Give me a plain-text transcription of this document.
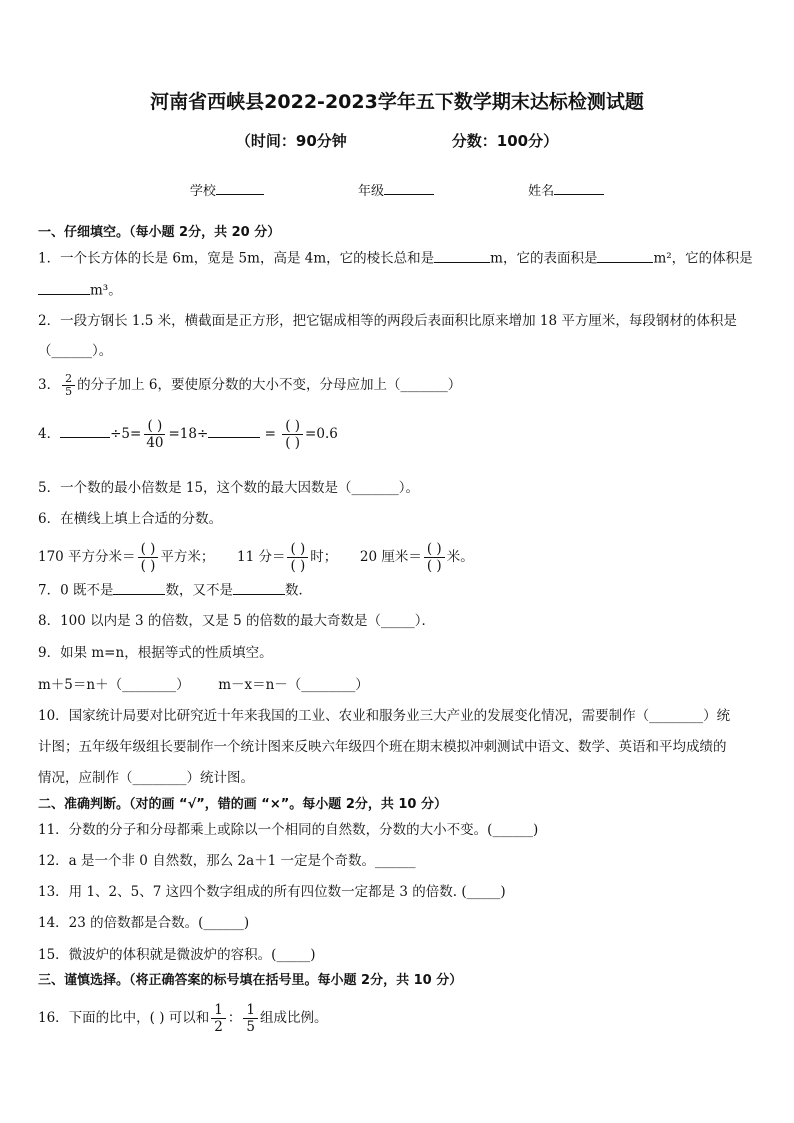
河南省西峡县2022-2023学年五下数学期末达标检测试题
（时间：90分钟	分数：100分）
学校	年级	姓名
一、仔细填空。（每小题 2分，共 20 分）
1．一个长方体的长是 6m，宽是 5m，高是 4m，它的棱长总和是	m，它的表面积是	m²，它的体积是
m³。
2．一段方钢长 1.5 米，横截面是正方形，把它锯成相等的两段后表面积比原来增加 18 平方厘米，每段钢材的体积是
（______）。
3． $\frac{2}{5}$ 的分子加上 6，要使原分数的大小不变，分母应加上（_______）
4．	$\div 5= \frac{( )}{40} =18\div$	= $\frac{( )}{( )} =0.6$
5．一个数的最小倍数是 15，这个数的最大因数是（_______）。
6．在横线上填上合适的分数。
170 平方分米＝ $\frac{( )}{( )}$ 平方米； 11 分＝ $\frac{( )}{( )}$ 时； 20 厘米＝ $\frac{( )}{( )}$ 米。
7．0 既不是	数，又不是	数．
8．100 以内是 3 的倍数，又是 5 的倍数的最大奇数是（_____）．
9．如果 m=n，根据等式的性质填空。
m＋5＝n＋（________） m－x＝n－（________）
10．国家统计局要对比研究近十年来我国的工业、农业和服务业三大产业的发展变化情况，需要制作（________）统
计图；五年级年级组长要制作一个统计图来反映六年级四个班在期末模拟冲刺测试中语文、数学、英语和平均成绩的
情况，应制作（________）统计图。
二、准确判断。（对的画 “√”，错的画 “×”。每小题 2分，共 10 分）
11．分数的分子和分母都乘上或除以一个相同的自然数，分数的大小不变。(______)
12．a 是一个非 0 自然数，那么 2a＋1 一定是个奇数。______
13．用 1、2、5、7 这四个数字组成的所有四位数一定都是 3 的倍数. (_____)
14．23 的倍数都是合数。(______)
15．微波炉的体积就是微波炉的容积。(_____)
三、谨慎选择。（将正确答案的标号填在括号里。每小题 2分，共 10 分）
16．下面的比中，( ) 可以和 $\frac{1}{2}$ ： $\frac{1}{5}$ 组成比例。
